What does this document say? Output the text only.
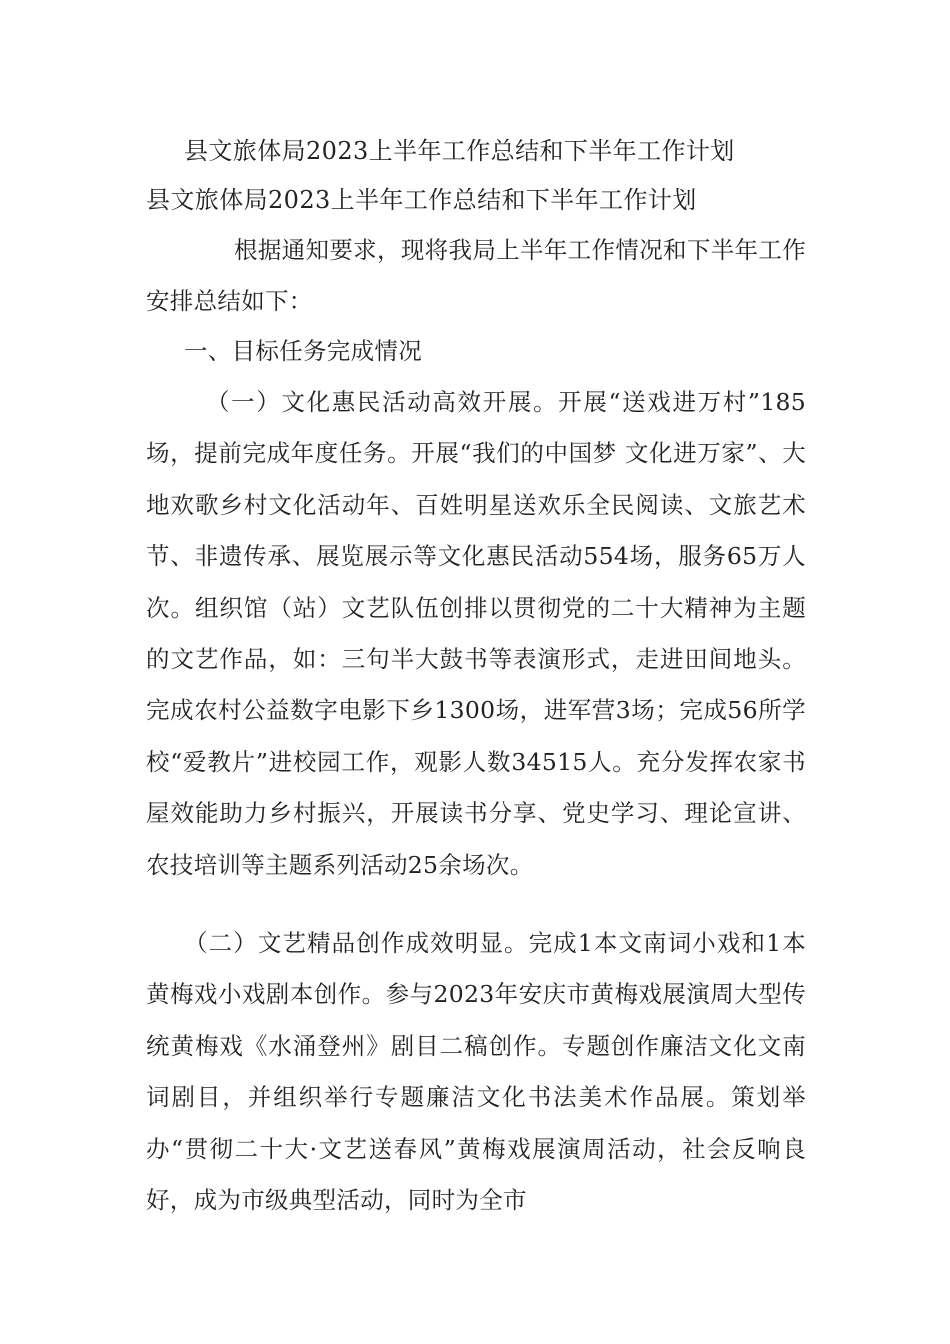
县文旅体局2023上半年工作总结和下半年工作计划
县文旅体局2023上半年工作总结和下半年工作计划

根据通知要求，现将我局上半年工作情况和下半年工作安排总结如下：

一、目标任务完成情况

（一）文化惠民活动高效开展。开展“送戏进万村”185场，提前完成年度任务。开展“我们的中国梦 文化进万家”、大地欢歌乡村文化活动年、百姓明星送欢乐全民阅读、文旅艺术节、非遗传承、展览展示等文化惠民活动554场，服务65万人次。组织馆（站）文艺队伍创排以贯彻党的二十大精神为主题的文艺作品，如：三句半大鼓书等表演形式，走进田间地头。完成农村公益数字电影下乡1300场，进军营3场；完成56所学校“爱教片”进校园工作，观影人数34515人。充分发挥农家书屋效能助力乡村振兴，开展读书分享、党史学习、理论宣讲、农技培训等主题系列活动25余场次。

（二）文艺精品创作成效明显。完成1本文南词小戏和1本黄梅戏小戏剧本创作。参与2023年安庆市黄梅戏展演周大型传统黄梅戏《水涌登州》剧目二稿创作。专题创作廉洁文化文南词剧目，并组织举行专题廉洁文化书法美术作品展。策划举办“贯彻二十大·文艺送春风”黄梅戏展演周活动，社会反响良好，成为市级典型活动，同时为全市
